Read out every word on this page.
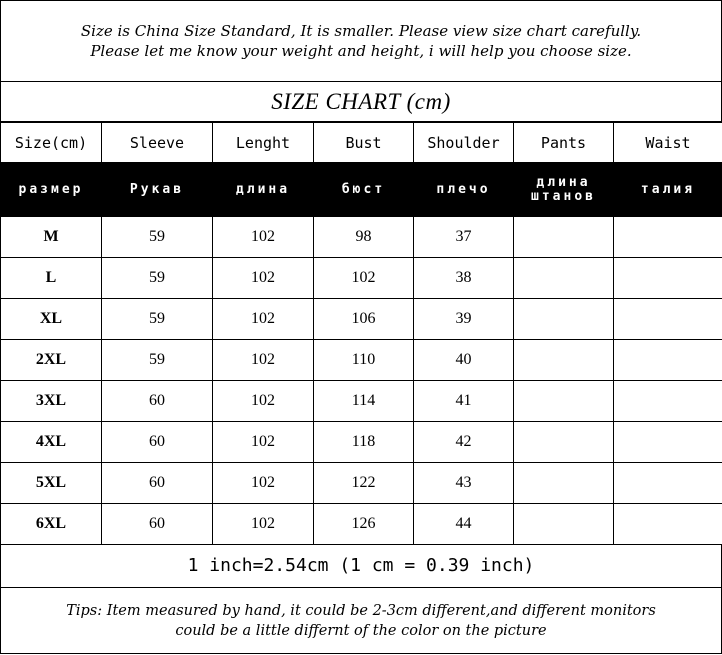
Size is China Size Standard, It is smaller. Please view size chart carefully.
Please let me know your weight and height, i will help you choose size.
SIZE CHART (cm)
Size(cm)	Sleeve	Lenght	Bust	Shoulder	Pants	Waist
размер	Рукав	длина	бюст	плечо	длина штанов	талия
M	59	102	98	37		
L	59	102	102	38		
XL	59	102	106	39		
2XL	59	102	110	40		
3XL	60	102	114	41		
4XL	60	102	118	42		
5XL	60	102	122	43		
6XL	60	102	126	44		
1 inch=2.54cm (1 cm = 0.39 inch)
Tips: Item measured by hand, it could be 2-3cm different,and different monitors
could be a little differnt of the color on the picture
